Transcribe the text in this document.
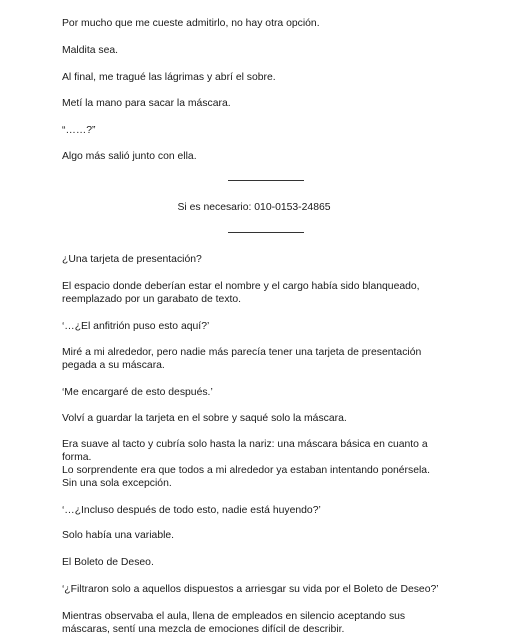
Por mucho que me cueste admitirlo, no hay otra opción.

Maldita sea.

Al final, me tragué las lágrimas y abrí el sobre.

Metí la mano para sacar la máscara.

“……?”

Algo más salió junto con ella.

Si es necesario: 010-0153-24865

¿Una tarjeta de presentación?

El espacio donde deberían estar el nombre y el cargo había sido blanqueado, reemplazado por un garabato de texto.

‘…¿El anfitrión puso esto aquí?’

Miré a mi alrededor, pero nadie más parecía tener una tarjeta de presentación pegada a su máscara.

‘Me encargaré de esto después.’

Volví a guardar la tarjeta en el sobre y saqué solo la máscara.

Era suave al tacto y cubría solo hasta la nariz: una máscara básica en cuanto a forma.

Lo sorprendente era que todos a mi alrededor ya estaban intentando ponérsela. Sin una sola excepción.

‘…¿Incluso después de todo esto, nadie está huyendo?’

Solo había una variable.

El Boleto de Deseo.

‘¿Filtraron solo a aquellos dispuestos a arriesgar su vida por el Boleto de Deseo?’

Mientras observaba el aula, llena de empleados en silencio aceptando sus máscaras, sentí una mezcla de emociones difícil de describir.
